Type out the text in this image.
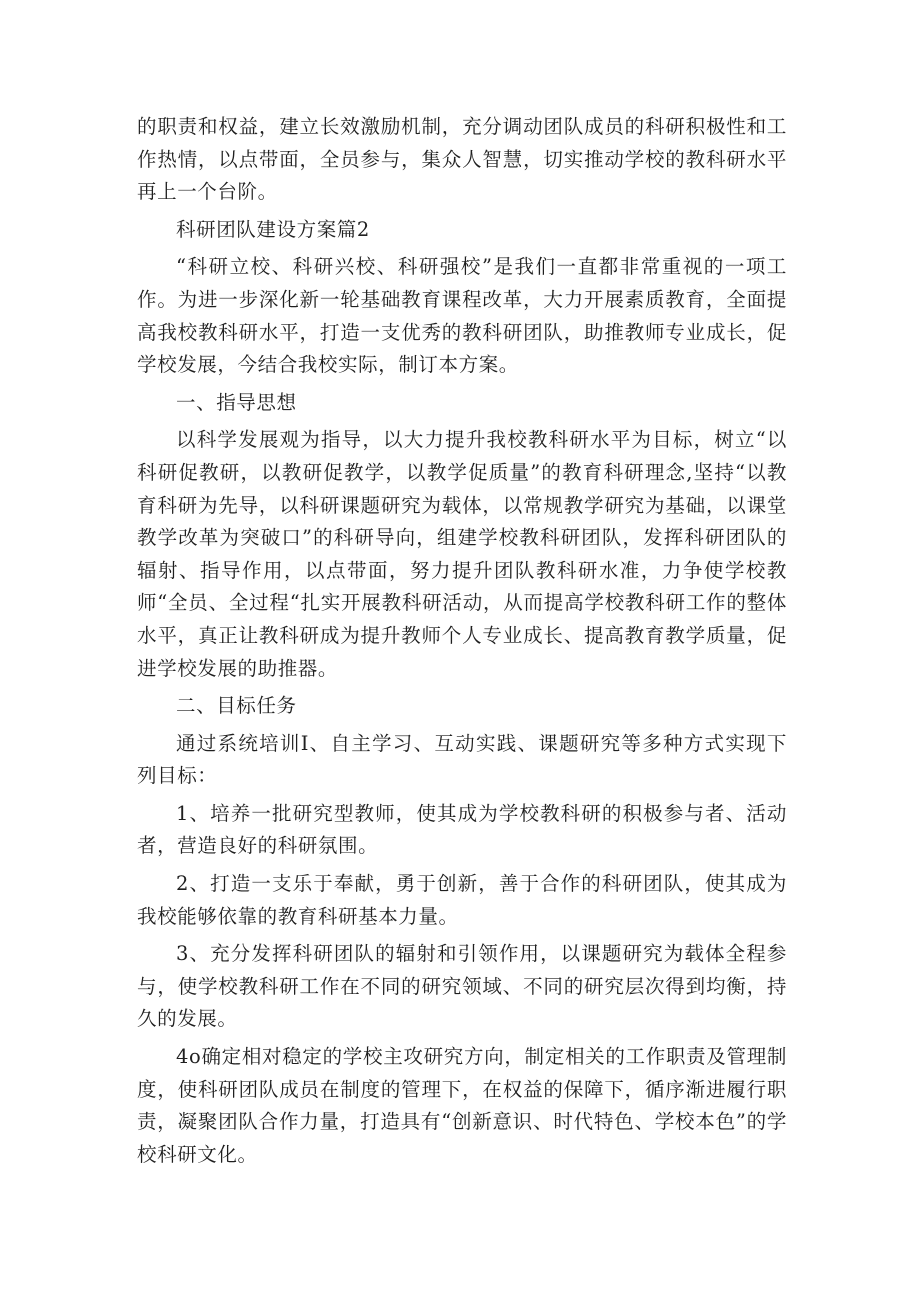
的职责和权益，建立长效激励机制，充分调动团队成员的科研积极性和工作热情，以点带面，全员参与，集众人智慧，切实推动学校的教科研水平再上一个台阶。

科研团队建设方案篇2

“科研立校、科研兴校、科研强校”是我们一直都非常重视的一项工作。为进一步深化新一轮基础教育课程改革，大力开展素质教育，全面提高我校教科研水平，打造一支优秀的教科研团队，助推教师专业成长，促学校发展，今结合我校实际，制订本方案。

一、指导思想

以科学发展观为指导，以大力提升我校教科研水平为目标，树立“以科研促教研，以教研促教学，以教学促质量”的教育科研理念,坚持“以教育科研为先导，以科研课题研究为载体，以常规教学研究为基础，以课堂教学改革为突破口”的科研导向，组建学校教科研团队，发挥科研团队的辐射、指导作用，以点带面，努力提升团队教科研水准，力争使学校教师“全员、全过程“扎实开展教科研活动，从而提高学校教科研工作的整体水平，真正让教科研成为提升教师个人专业成长、提高教育教学质量，促进学校发展的助推器。

二、目标任务

通过系统培训I、自主学习、互动实践、课题研究等多种方式实现下列目标：

1、培养一批研究型教师，使其成为学校教科研的积极参与者、活动者，营造良好的科研氛围。

2、打造一支乐于奉献，勇于创新，善于合作的科研团队，使其成为我校能够依靠的教育科研基本力量。

3、充分发挥科研团队的辐射和引领作用，以课题研究为载体全程参与，使学校教科研工作在不同的研究领域、不同的研究层次得到均衡，持久的发展。

4o确定相对稳定的学校主攻研究方向，制定相关的工作职责及管理制度，使科研团队成员在制度的管理下，在权益的保障下，循序渐进履行职责，凝聚团队合作力量，打造具有“创新意识、时代特色、学校本色”的学校科研文化。
